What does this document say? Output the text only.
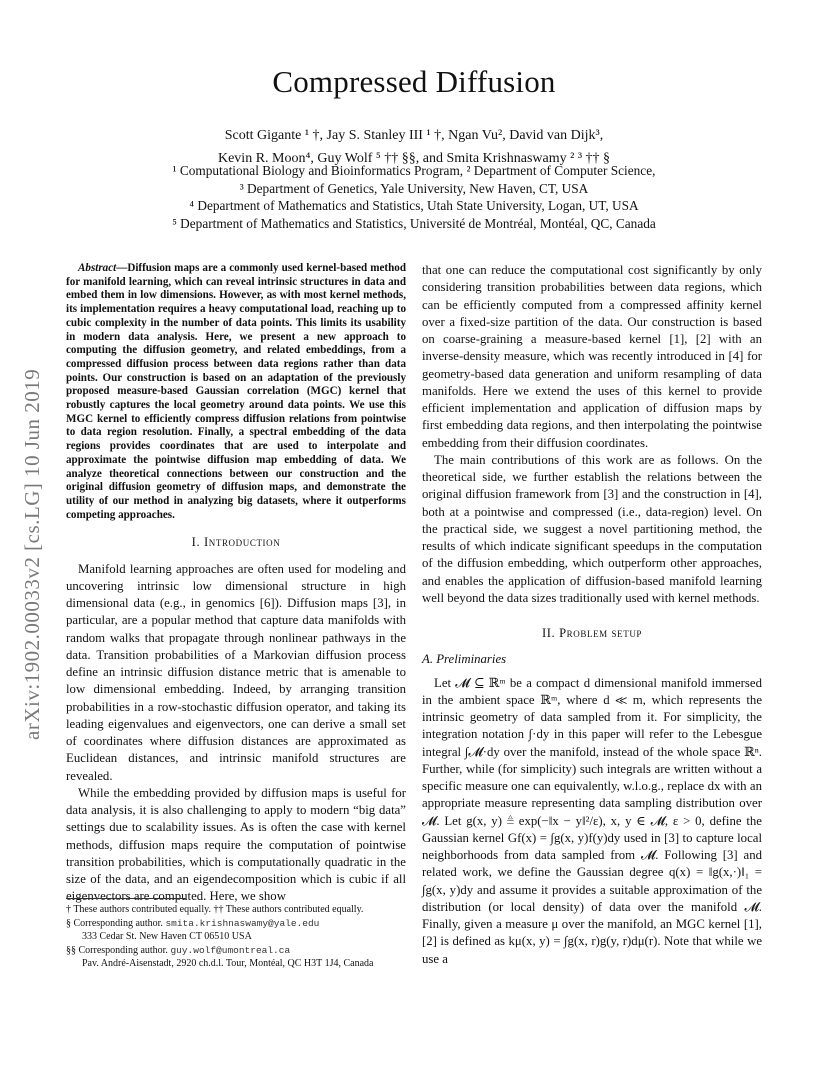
arXiv:1902.00033v2 [cs.LG] 10 Jun 2019
Compressed Diffusion
Scott Gigante ¹ †, Jay S. Stanley III ¹ †, Ngan Vu², David van Dijk³,
Kevin R. Moon⁴, Guy Wolf ⁵ †† §§, and Smita Krishnaswamy ² ³ †† §
¹ Computational Biology and Bioinformatics Program, ² Department of Computer Science,
³ Department of Genetics, Yale University, New Haven, CT, USA
⁴ Department of Mathematics and Statistics, Utah State University, Logan, UT, USA
⁵ Department of Mathematics and Statistics, Université de Montréal, Montéal, QC, Canada

Abstract—Diffusion maps are a commonly used kernel-based method for manifold learning, which can reveal intrinsic structures in data and embed them in low dimensions. However, as with most kernel methods, its implementation requires a heavy computational load, reaching up to cubic complexity in the number of data points. This limits its usability in modern data analysis. Here, we present a new approach to computing the diffusion geometry, and related embeddings, from a compressed diffusion process between data regions rather than data points. Our construction is based on an adaptation of the previously proposed measure-based Gaussian correlation (MGC) kernel that robustly captures the local geometry around data points. We use this MGC kernel to efficiently compress diffusion relations from pointwise to data region resolution. Finally, a spectral embedding of the data regions provides coordinates that are used to interpolate and approximate the pointwise diffusion map embedding of data. We analyze theoretical connections between our construction and the original diffusion geometry of diffusion maps, and demonstrate the utility of our method in analyzing big datasets, where it outperforms competing approaches.

I. Introduction

Manifold learning approaches are often used for modeling and uncovering intrinsic low dimensional structure in high dimensional data (e.g., in genomics [6]). Diffusion maps [3], in particular, are a popular method that capture data manifolds with random walks that propagate through nonlinear pathways in the data. Transition probabilities of a Markovian diffusion process define an intrinsic diffusion distance metric that is amenable to low dimensional embedding. Indeed, by arranging transition probabilities in a row-stochastic diffusion operator, and taking its leading eigenvalues and eigenvectors, one can derive a small set of coordinates where diffusion distances are approximated as Euclidean distances, and intrinsic manifold structures are revealed.

While the embedding provided by diffusion maps is useful for data analysis, it is also challenging to apply to modern “big data” settings due to scalability issues. As is often the case with kernel methods, diffusion maps require the computation of pointwise transition probabilities, which is computationally quadratic in the size of the data, and an eigendecomposition which is cubic if all eigenvectors are computed. Here, we show

that one can reduce the computational cost significantly by only considering transition probabilities between data regions, which can be efficiently computed from a compressed affinity kernel over a fixed-size partition of the data. Our construction is based on coarse-graining a measure-based kernel [1], [2] with an inverse-density measure, which was recently introduced in [4] for geometry-based data generation and uniform resampling of data manifolds. Here we extend the uses of this kernel to provide efficient implementation and application of diffusion maps by first embedding data regions, and then interpolating the pointwise embedding from their diffusion coordinates.

The main contributions of this work are as follows. On the theoretical side, we further establish the relations between the original diffusion framework from [3] and the construction in [4], both at a pointwise and compressed (i.e., data-region) level. On the practical side, we suggest a novel partitioning method, the results of which indicate significant speedups in the computation of the diffusion embedding, which outperform other approaches, and enables the application of diffusion-based manifold learning well beyond the data sizes traditionally used with kernel methods.

II. Problem setup
A. Preliminaries

Let 𝓜 ⊆ ℝᵐ be a compact d dimensional manifold immersed in the ambient space ℝᵐ, where d ≪ m, which represents the intrinsic geometry of data sampled from it. For simplicity, the integration notation ∫·dy in this paper will refer to the Lebesgue integral ∫𝓜·dy over the manifold, instead of the whole space ℝⁿ. Further, while (for simplicity) such integrals are written without a specific measure one can equivalently, w.l.o.g., replace dx with an appropriate measure representing data sampling distribution over 𝓜. Let g(x, y) ≜ exp(−‖x − y‖²/ε), x, y ∈ 𝓜, ε > 0, define the Gaussian kernel Gf(x) = ∫g(x, y)f(y)dy used in [3] to capture local neighborhoods from data sampled from 𝓜. Following [3] and related work, we define the Gaussian degree q(x) = ‖g(x,·)‖₁ = ∫g(x, y)dy and assume it provides a suitable approximation of the distribution (or local density) of data over the manifold 𝓜. Finally, given a measure μ over the manifold, an MGC kernel [1], [2] is defined as kμ(x, y) = ∫g(x, r)g(y, r)dμ(r). Note that while we use a

† These authors contributed equally. †† These authors contributed equally.
§ Corresponding author. smita.krishnaswamy@yale.edu
333 Cedar St. New Haven CT 06510 USA
§§ Corresponding author. guy.wolf@umontreal.ca
Pav. André-Aisenstadt, 2920 ch.d.l. Tour, Montéal, QC H3T 1J4, Canada
